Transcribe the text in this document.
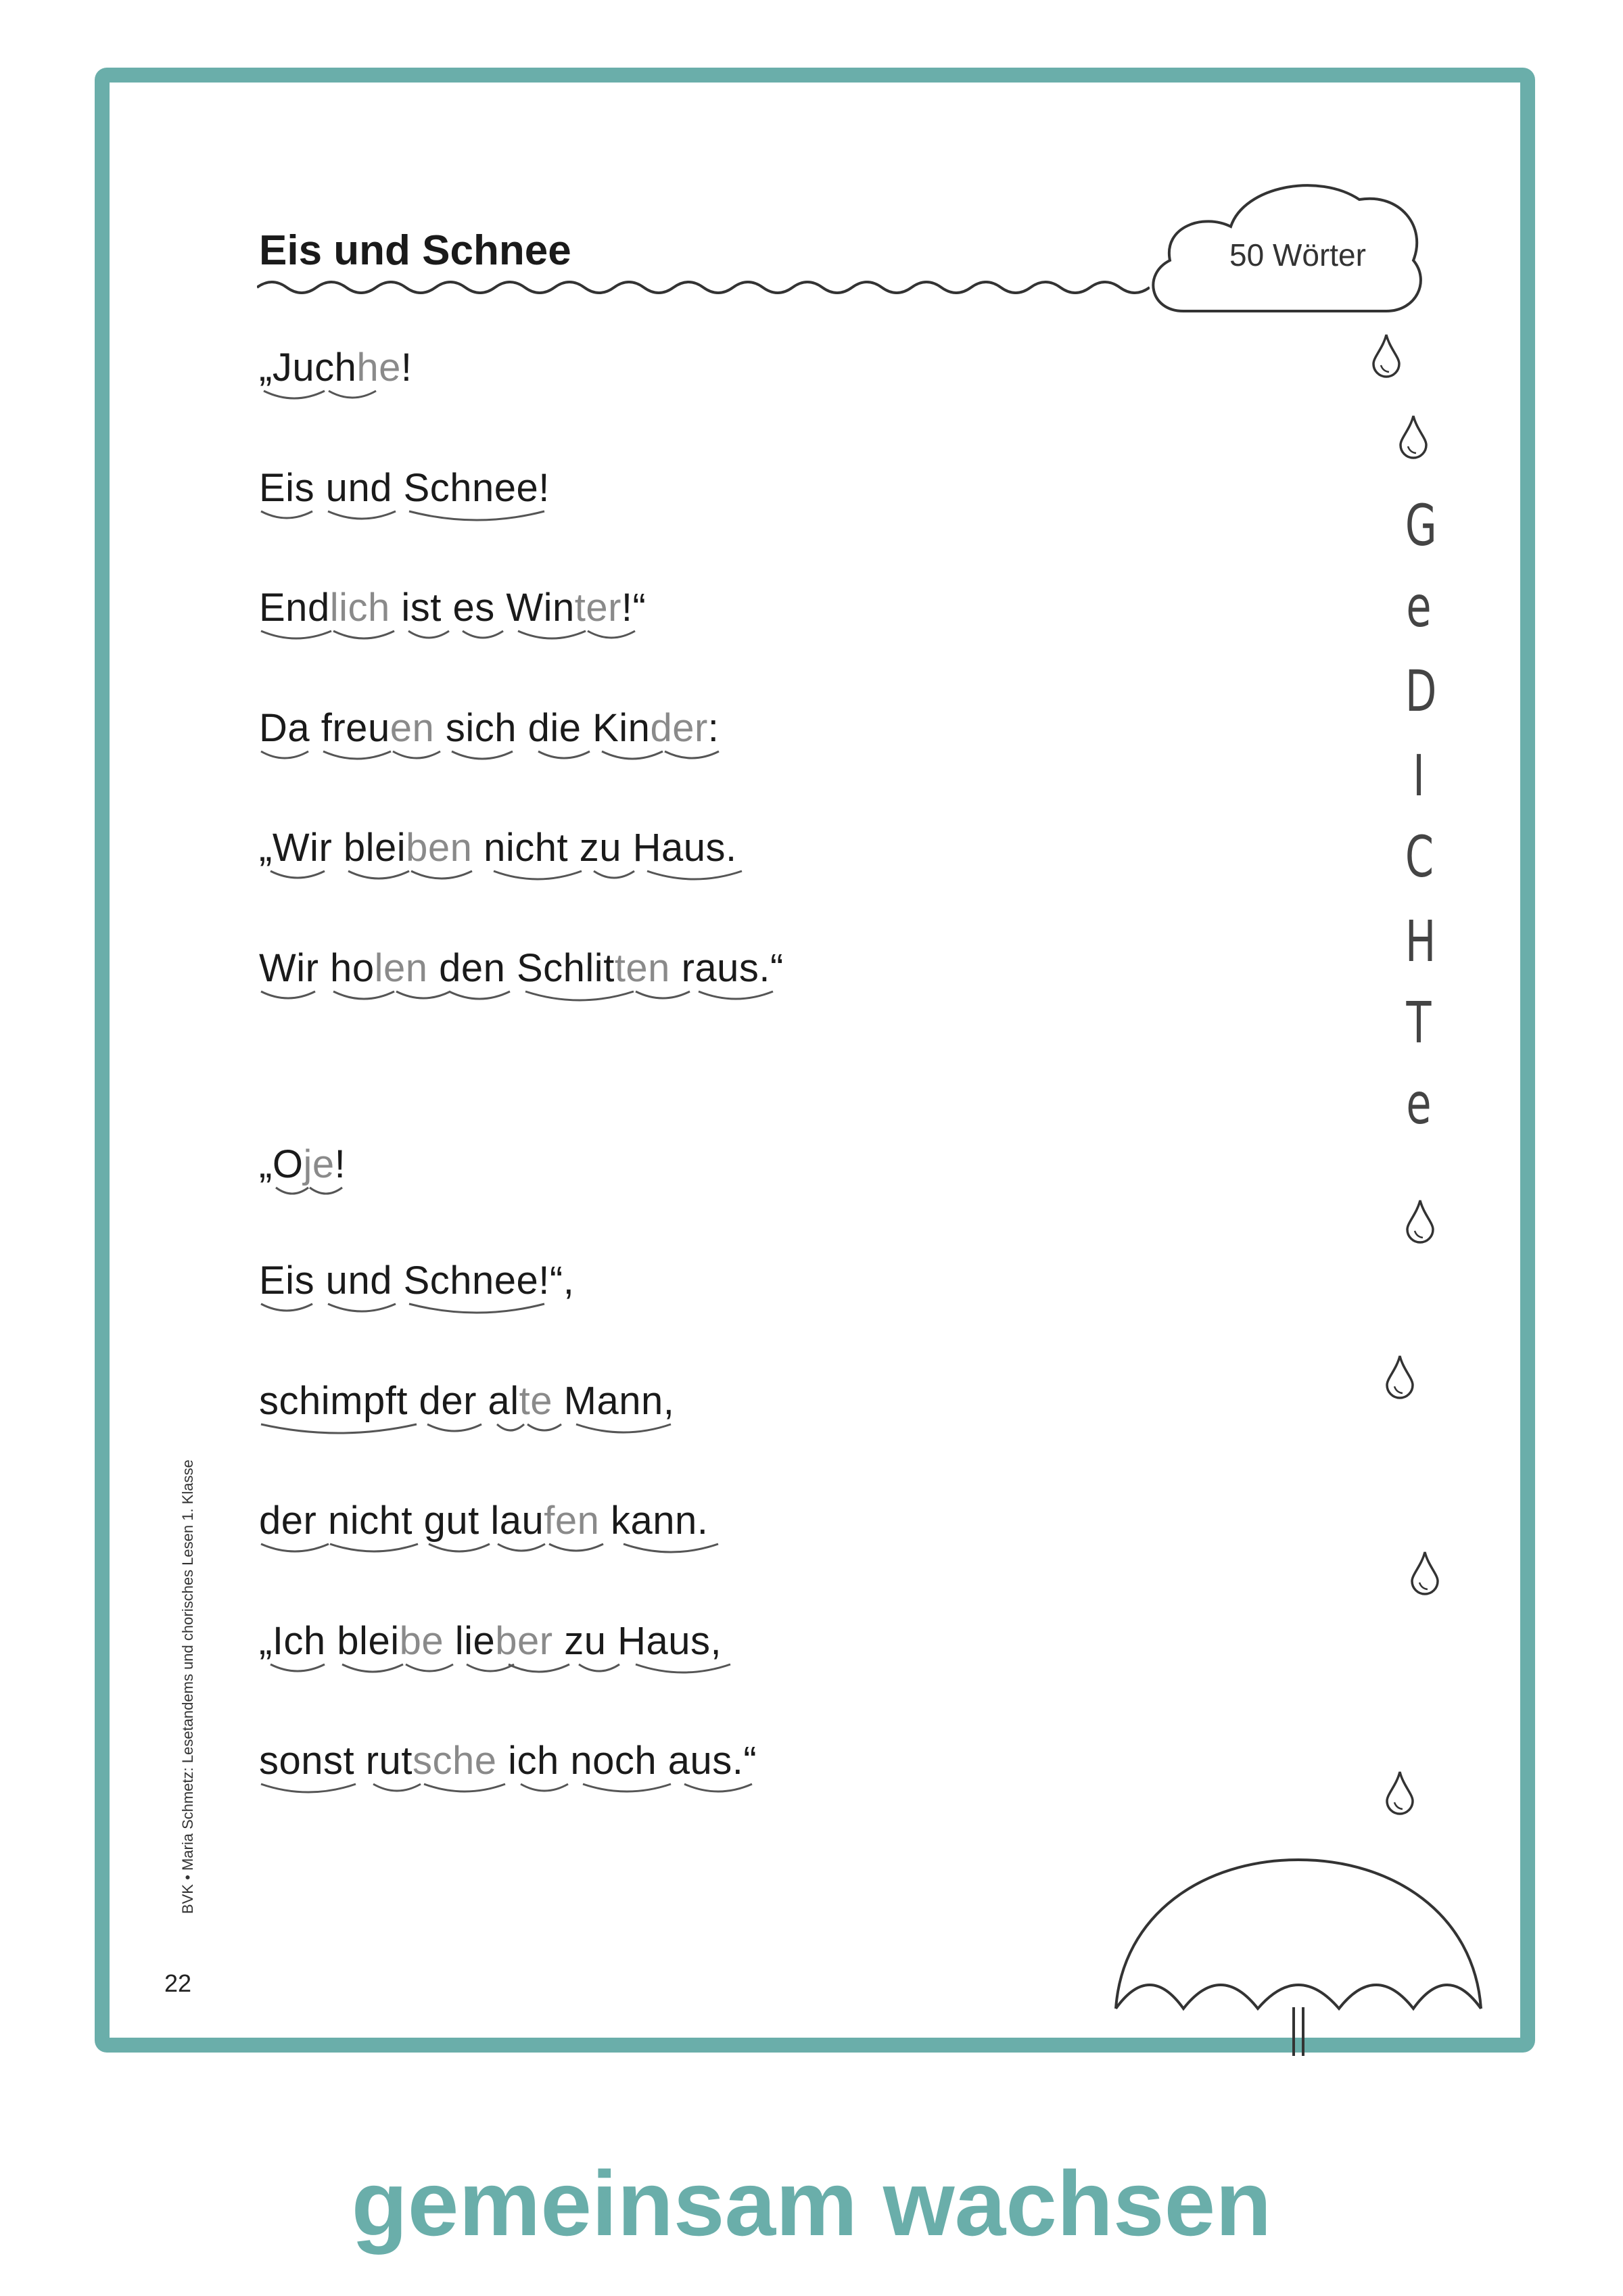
Eis und Schnee	50 Wörter
G
e
D
I
C
H
T
e
„Juchhe!
Eis und Schnee!
Endlich ist es Winter!“
Da freuen sich die Kinder:
„Wir bleiben nicht zu Haus.
Wir holen den Schlitten raus.“
„Oje!
Eis und Schnee!“,
schimpft der alte Mann,
der nicht gut laufen kann.
„Ich bleibe lieber zu Haus,
sonst rutsche ich noch aus.“
BVK • Maria Schmetz: Lesetandems und chorisches Lesen 1. Klasse
22
gemeinsam wachsen
